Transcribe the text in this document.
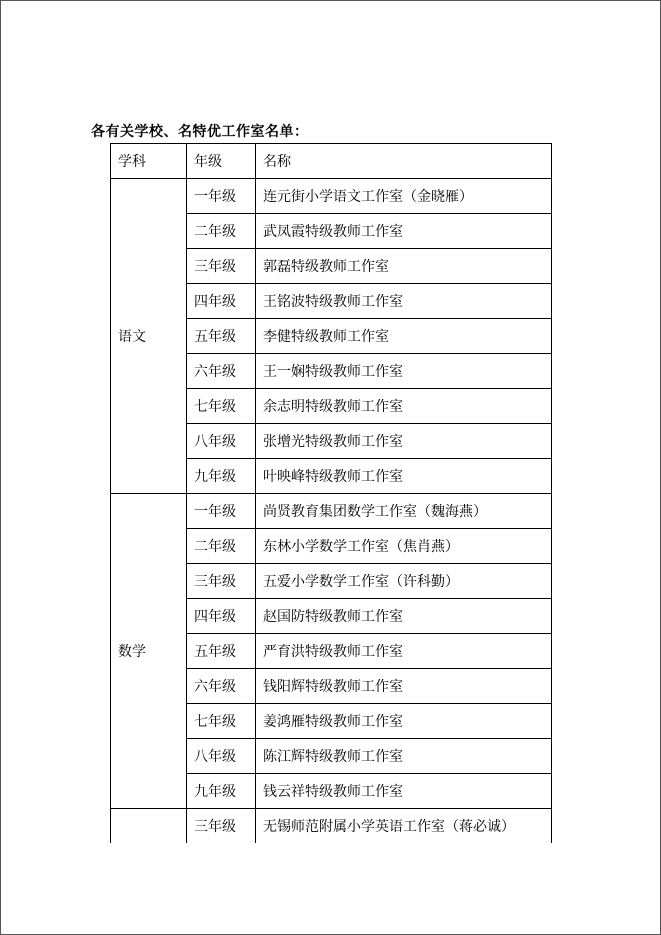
各有关学校、名特优工作室名单：
学科	年级	名称
语文	一年级	连元街小学语文工作室（金晓雁）
	二年级	武凤霞特级教师工作室
	三年级	郭磊特级教师工作室
	四年级	王铭波特级教师工作室
	五年级	李健特级教师工作室
	六年级	王一娴特级教师工作室
	七年级	余志明特级教师工作室
	八年级	张增光特级教师工作室
	九年级	叶映峰特级教师工作室
数学	一年级	尚贤教育集团数学工作室（魏海燕）
	二年级	东林小学数学工作室（焦肖燕）
	三年级	五爱小学数学工作室（许科勤）
	四年级	赵国防特级教师工作室
	五年级	严育洪特级教师工作室
	六年级	钱阳辉特级教师工作室
	七年级	姜鸿雁特级教师工作室
	八年级	陈江辉特级教师工作室
	九年级	钱云祥特级教师工作室
	三年级	无锡师范附属小学英语工作室（蒋必诚）
